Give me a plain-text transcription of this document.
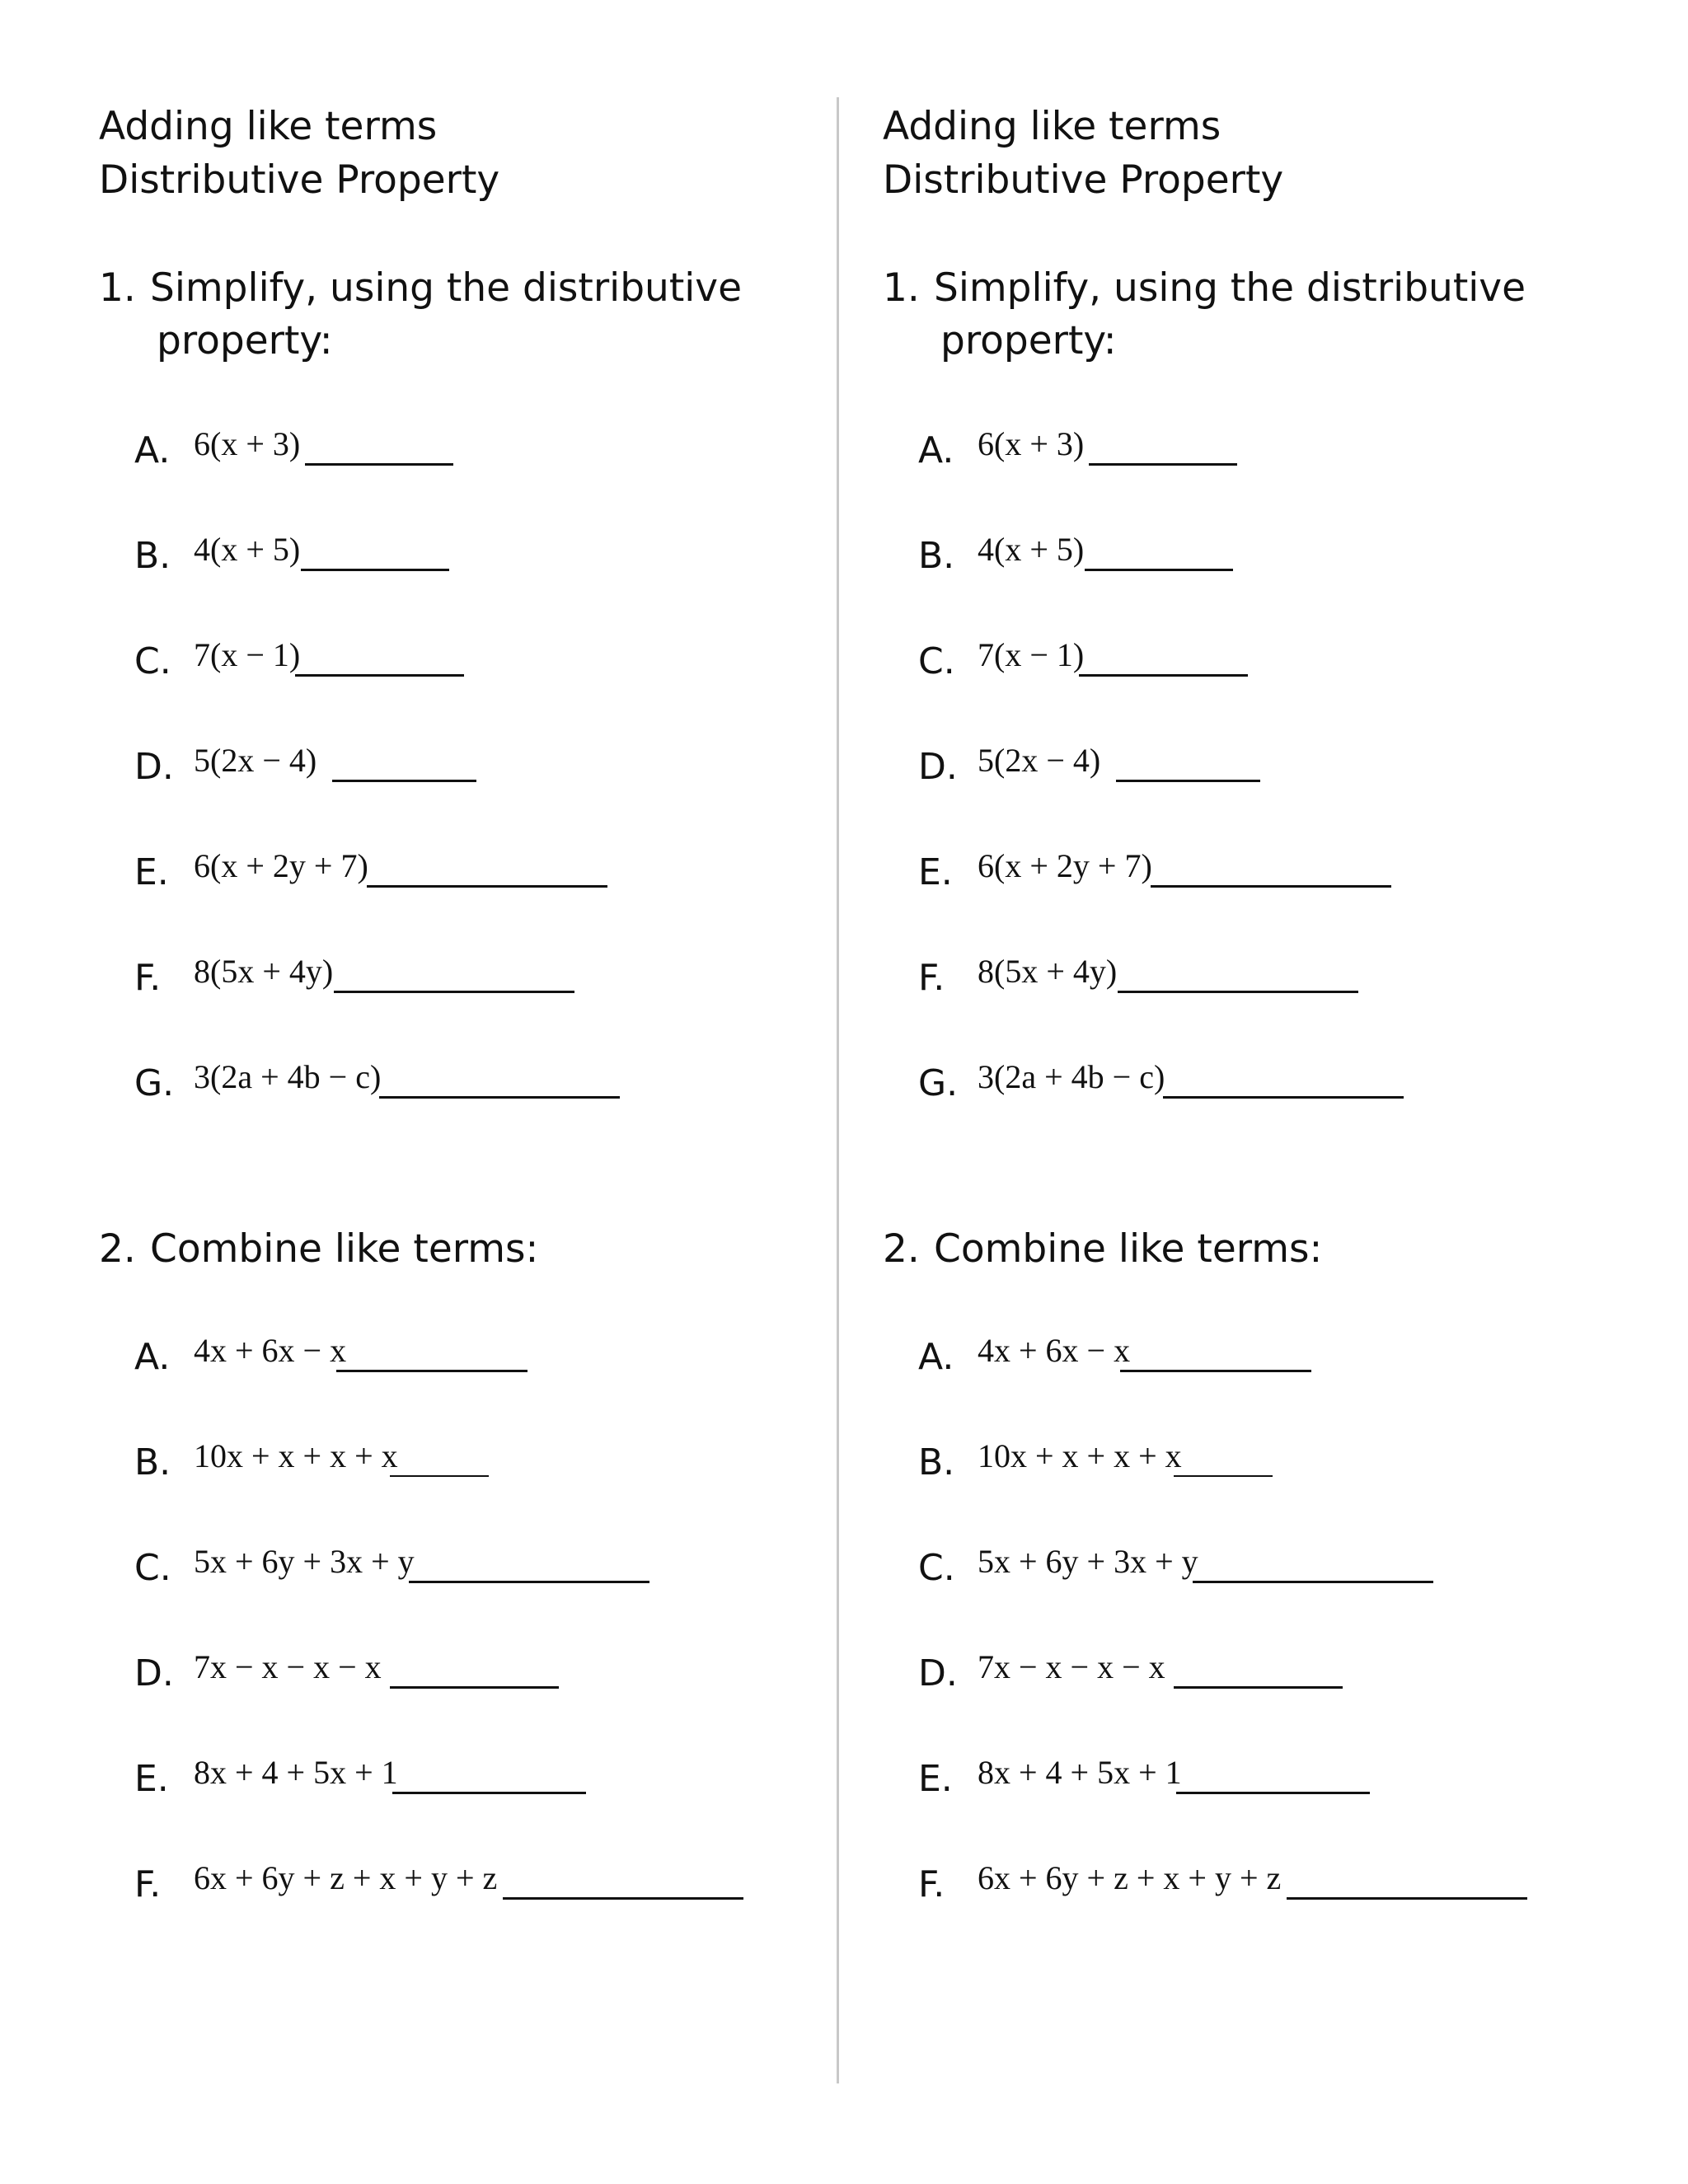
Adding like terms
Distributive Property
1. Simplify, using the distributive
property:
A. 6(x + 3)
B. 4(x + 5)
C. 7(x − 1)
D. 5(2x − 4)
E. 6(x + 2y + 7)
F. 8(5x + 4y)
G. 3(2a + 4b − c)
2. Combine like terms:
A. 4x + 6x − x
B. 10x + x + x + x
C. 5x + 6y + 3x + y
D. 7x − x − x − x
E. 8x + 4 + 5x + 1
F. 6x + 6y + z + x + y + z
Adding like terms
Distributive Property
1. Simplify, using the distributive
property:
A. 6(x + 3)
B. 4(x + 5)
C. 7(x − 1)
D. 5(2x − 4)
E. 6(x + 2y + 7)
F. 8(5x + 4y)
G. 3(2a + 4b − c)
2. Combine like terms:
A. 4x + 6x − x
B. 10x + x + x + x
C. 5x + 6y + 3x + y
D. 7x − x − x − x
E. 8x + 4 + 5x + 1
F. 6x + 6y + z + x + y + z
